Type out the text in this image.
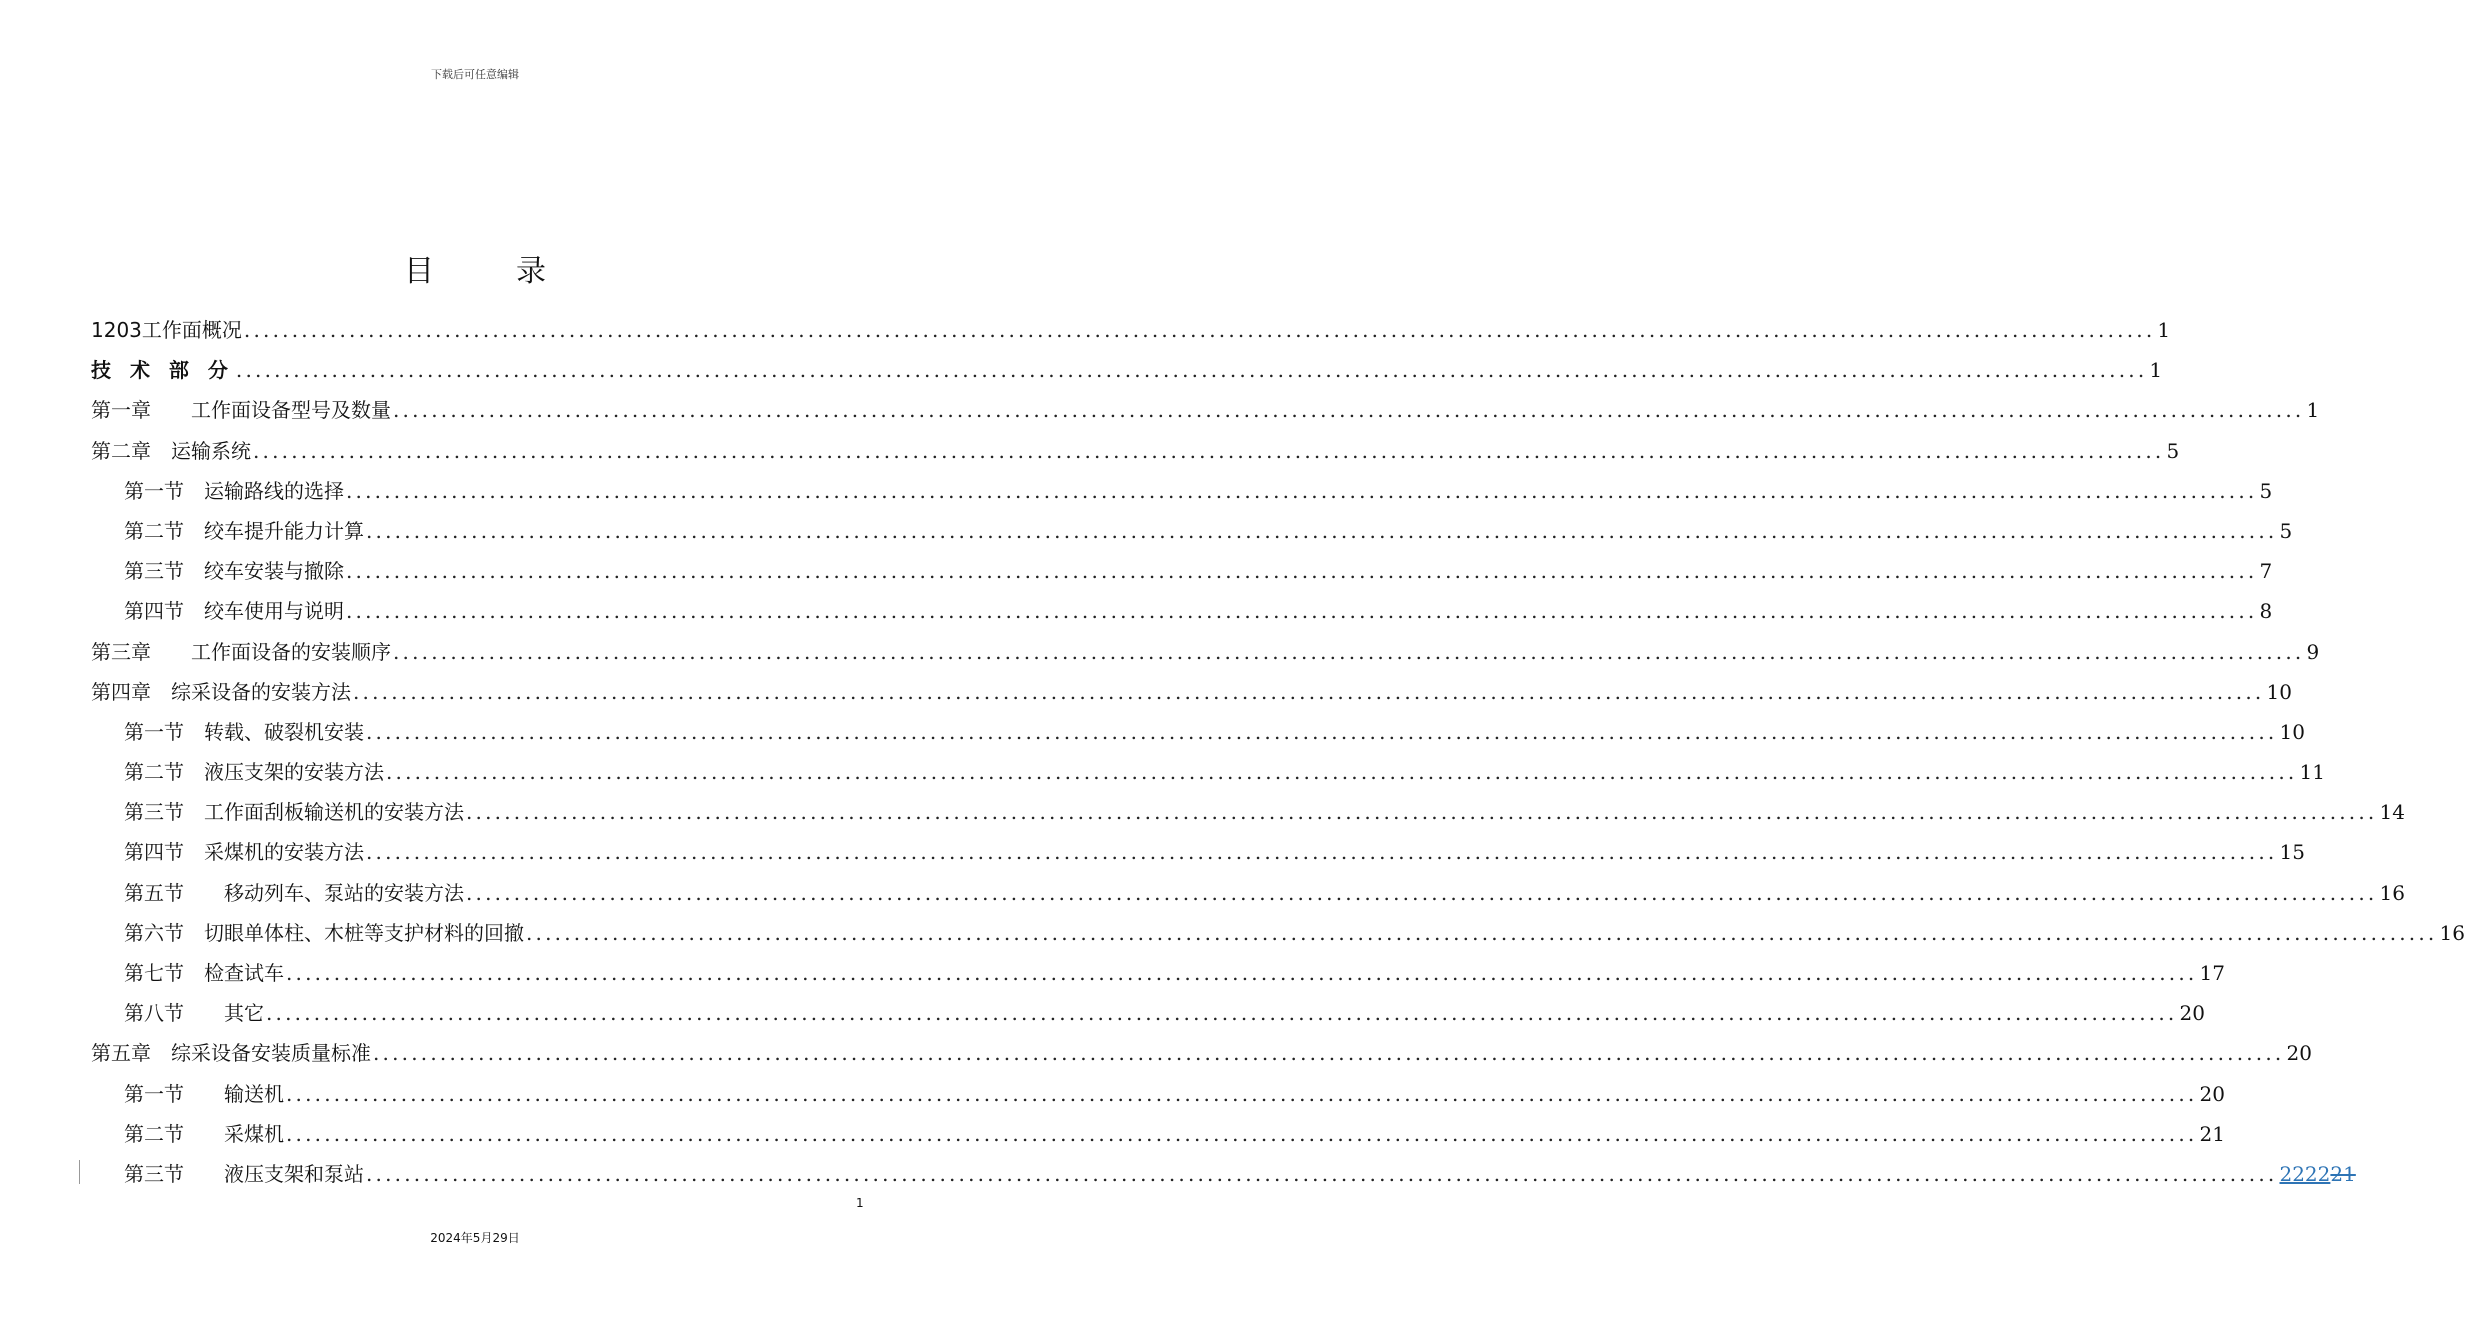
下载后可任意编辑
目	录
1203工作面概况 ........................................................................................................................................................................................................ 1
技 术 部 分 ........................................................................................................................................................................................................ 1
第一章　　工作面设备型号及数量 ........................................................................................................................................................................................................ 1
第二章　运输系统 ........................................................................................................................................................................................................ 5
第一节　运输路线的选择 ........................................................................................................................................................................................................ 5
第二节　绞车提升能力计算 ........................................................................................................................................................................................................ 5
第三节　绞车安装与撤除 ........................................................................................................................................................................................................ 7
第四节　绞车使用与说明 ........................................................................................................................................................................................................ 8
第三章　　工作面设备的安装顺序 ........................................................................................................................................................................................................ 9
第四章　综采设备的安装方法 ........................................................................................................................................................................................................ 10
第一节　转载、破裂机安装 ........................................................................................................................................................................................................ 10
第二节　液压支架的安装方法 ........................................................................................................................................................................................................ 11
第三节　工作面刮板输送机的安装方法 ........................................................................................................................................................................................................ 14
第四节　采煤机的安装方法 ........................................................................................................................................................................................................ 15
第五节　　移动列车、泵站的安装方法 ........................................................................................................................................................................................................ 16
第六节　切眼单体柱、木桩等支护材料的回撤 ........................................................................................................................................................................................................ 16
第七节　检查试车 ........................................................................................................................................................................................................ 17
第八节　　其它 ........................................................................................................................................................................................................ 20
第五章　综采设备安装质量标准 ........................................................................................................................................................................................................ 20
第一节　　输送机 ........................................................................................................................................................................................................ 20
第二节　　采煤机 ........................................................................................................................................................................................................ 21
第三节　　液压支架和泵站 ........................................................................................................................................................................................................ 222221
1
2024年5月29日
